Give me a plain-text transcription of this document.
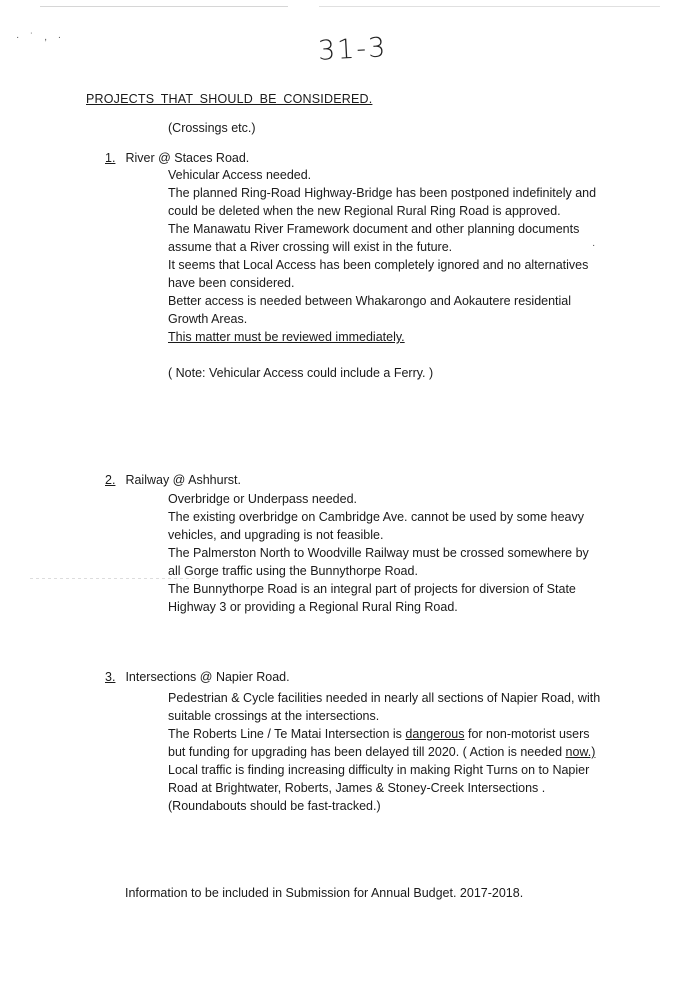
· ˙ , ·
·
31-3
PROJECTS THAT SHOULD BE CONSIDERED.
(Crossings etc.)
1. River @ Staces Road.
Vehicular Access needed.
The planned Ring-Road Highway-Bridge has been postponed indefinitely and
could be deleted when the new Regional Rural Ring Road is approved.
The Manawatu River Framework document and other planning documents
assume that a River crossing will exist in the future.
It seems that Local Access has been completely ignored and no alternatives
have been considered.
Better access is needed between Whakarongo and Aokautere residential
Growth Areas.
This matter must be reviewed immediately.
( Note: Vehicular Access could include a Ferry. )
2. Railway @ Ashhurst.
Overbridge or Underpass needed.
The existing overbridge on Cambridge Ave. cannot be used by some heavy
vehicles, and upgrading is not feasible.
The Palmerston North to Woodville Railway must be crossed somewhere by
all Gorge traffic using the Bunnythorpe Road.
The Bunnythorpe Road is an integral part of projects for diversion of State
Highway 3 or providing a Regional Rural Ring Road.
3. Intersections @ Napier Road.
Pedestrian & Cycle facilities needed in nearly all sections of Napier Road, with
suitable crossings at the intersections.
The Roberts Line / Te Matai Intersection is dangerous for non-motorist users
but funding for upgrading has been delayed till 2020. ( Action is needed now.)
Local traffic is finding increasing difficulty in making Right Turns on to Napier
Road at Brightwater, Roberts, James & Stoney-Creek Intersections .
(Roundabouts should be fast-tracked.)
Information to be included in Submission for Annual Budget. 2017-2018.
